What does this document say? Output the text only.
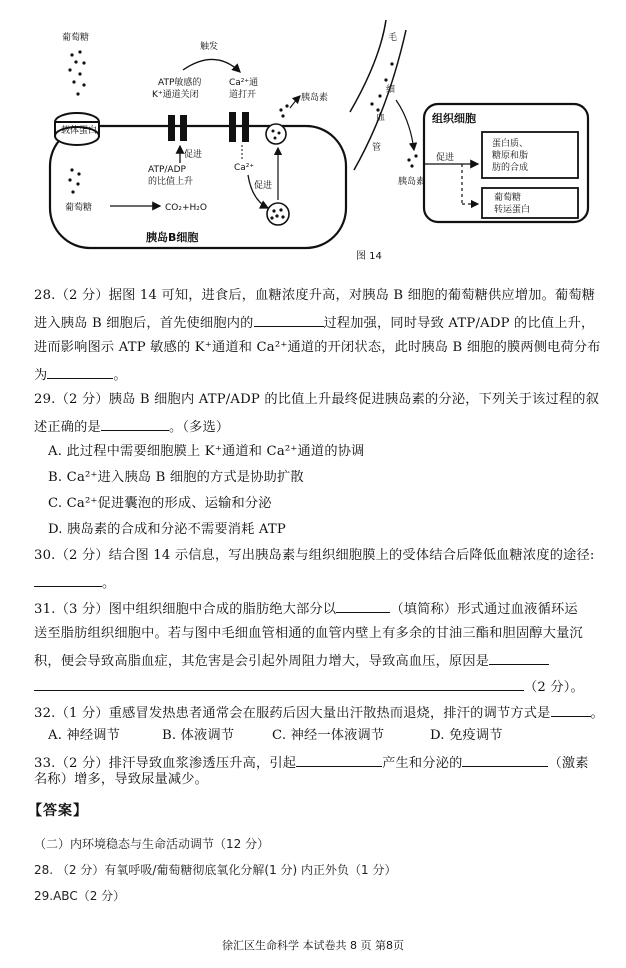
载体蛋白
葡萄糖
葡萄糖	CO₂+H₂O
ATP敏感的 K⁺通道关闭
Ca²⁺通 道打开
触发
促进
ATP/ADP 的比值上升
Ca²⁺
促进
胰岛素
胰岛B细胞
毛 细 血 管
组织细胞
胰岛素
促进
蛋白质、 糖原和脂 肪的合成
葡萄糖 转运蛋白
图 14
28.（2 分）据图 14 可知，进食后，血糖浓度升高，对胰岛 B 细胞的葡萄糖供应增加。葡萄糖
进入胰岛 B 细胞后，首先使细胞内的	过程加强，同时导致 ATP/ADP 的比值上升，
进而影响图示 ATP 敏感的 K⁺通道和 Ca²⁺通道的开闭状态，此时胰岛 B 细胞的膜两侧电荷分布
为	。
29.（2 分）胰岛 B 细胞内 ATP/ADP 的比值上升最终促进胰岛素的分泌，下列关于该过程的叙
述正确的是	。（多选）
A. 此过程中需要细胞膜上 K⁺通道和 Ca²⁺通道的协调
B. Ca²⁺进入胰岛 B 细胞的方式是协助扩散
C. Ca²⁺促进囊泡的形成、运输和分泌
D. 胰岛素的合成和分泌不需要消耗 ATP
30.（2 分）结合图 14 示信息，写出胰岛素与组织细胞膜上的受体结合后降低血糖浓度的途径:
。
31.（3 分）图中组织细胞中合成的脂肪绝大部分以	（填简称）形式通过血液循环运
送至脂肪组织细胞中。若与图中毛细血管相通的血管内壁上有多余的甘油三酯和胆固醇大量沉
积，便会导致高脂血症，其危害是会引起外周阻力增大，导致高血压，原因是
（2 分）。
32.（1 分）重感冒发热患者通常会在服药后因大量出汗散热而退烧，排汗的调节方式是	。
A. 神经调节	B. 体液调节	C. 神经一体液调节	D. 免疫调节
33.（2 分）排汗导致血浆渗透压升高，引起	产生和分泌的	（激素
名称）增多，导致尿量减少。
【答案】
（二）内环境稳态与生命活动调节（12 分）
28. （2 分）有氧呼吸/葡萄糖彻底氧化分解(1 分) 内正外负（1 分）
29.ABC（2 分）
徐汇区生命科学 本试卷共 8 页 第8页
